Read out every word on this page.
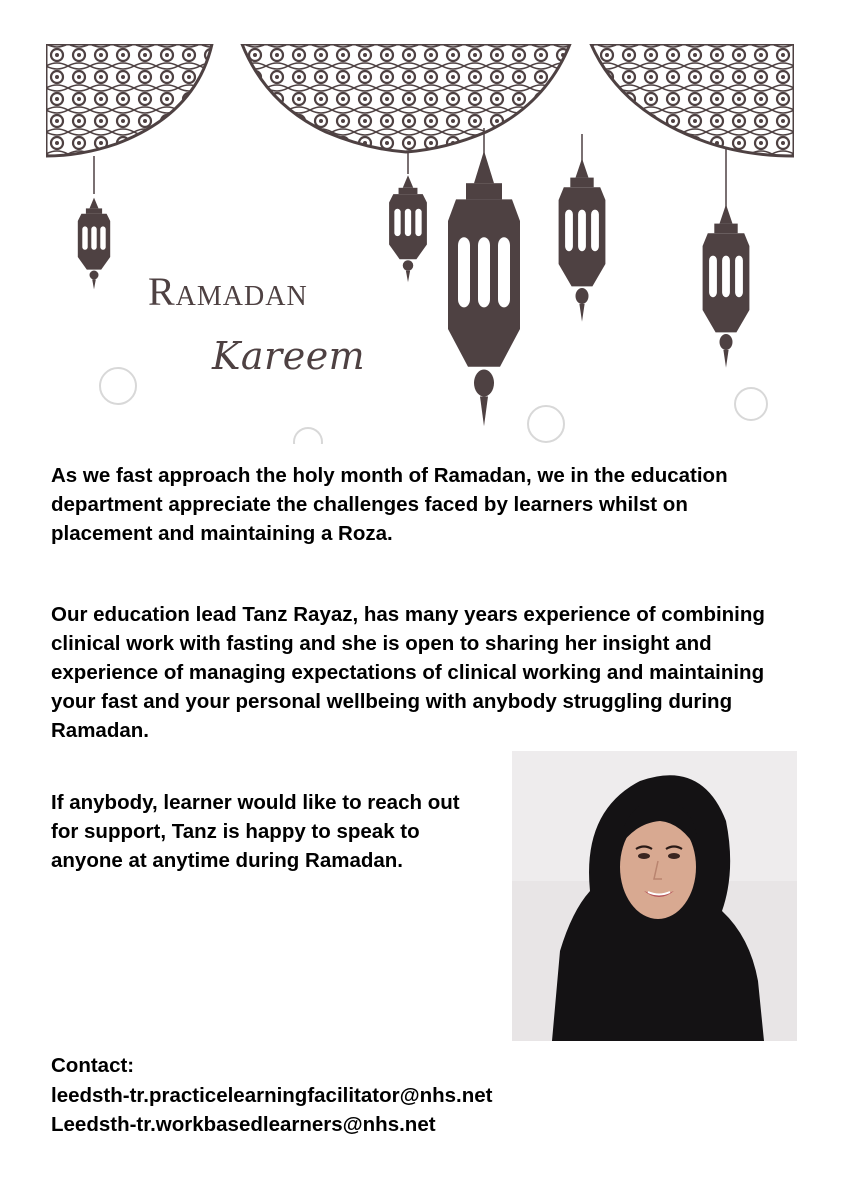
Ramadan
Kareem

As we fast approach the holy month of Ramadan, we in the education department appreciate the challenges faced by learners whilst on placement and maintaining a Roza.

Our education lead Tanz Rayaz, has many years experience of combining clinical work with fasting and she is open to sharing her insight and experience of managing expectations of clinical working and maintaining your fast and your personal wellbeing with anybody struggling during Ramadan.

If anybody, learner would like to reach out for support, Tanz is happy to speak to anyone at anytime during Ramadan.

Contact:
leedsth-tr.practicelearningfacilitator@nhs.net
Leedsth-tr.workbasedlearners@nhs.net
